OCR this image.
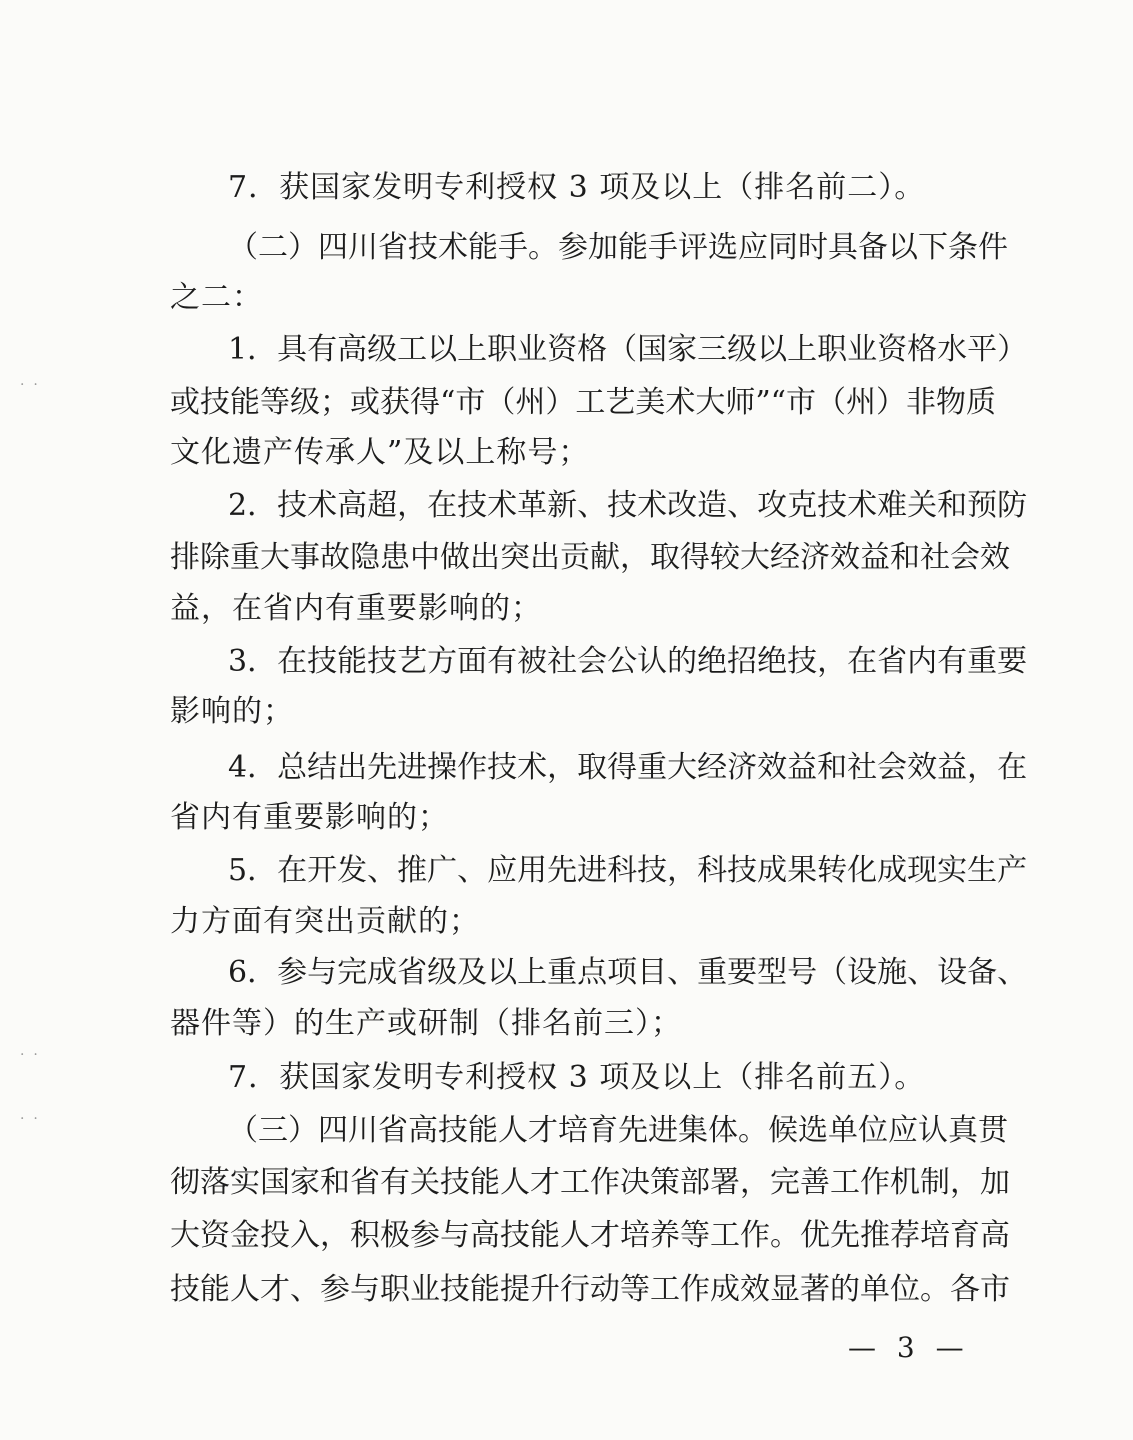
7．获国家发明专利授权 3 项及以上（排名前二）。
（二）四川省技术能手。参加能手评选应同时具备以下条件
之二：
1．具有高级工以上职业资格（国家三级以上职业资格水平）
或技能等级；或获得“市（州）工艺美术大师”“市（州）非物质
文化遗产传承人”及以上称号；
2．技术高超，在技术革新、技术改造、攻克技术难关和预防
排除重大事故隐患中做出突出贡献，取得较大经济效益和社会效
益，在省内有重要影响的；
3．在技能技艺方面有被社会公认的绝招绝技，在省内有重要
影响的；
4．总结出先进操作技术，取得重大经济效益和社会效益，在
省内有重要影响的；
5．在开发、推广、应用先进科技，科技成果转化成现实生产
力方面有突出贡献的；
6．参与完成省级及以上重点项目、重要型号（设施、设备、
器件等）的生产或研制（排名前三）；
7．获国家发明专利授权 3 项及以上（排名前五）。
（三）四川省高技能人才培育先进集体。候选单位应认真贯
彻落实国家和省有关技能人才工作决策部署，完善工作机制，加
大资金投入，积极参与高技能人才培养等工作。优先推荐培育高
技能人才、参与职业技能提升行动等工作成效显著的单位。各市
— 3 —
·  ·
·  ·
·  ·
